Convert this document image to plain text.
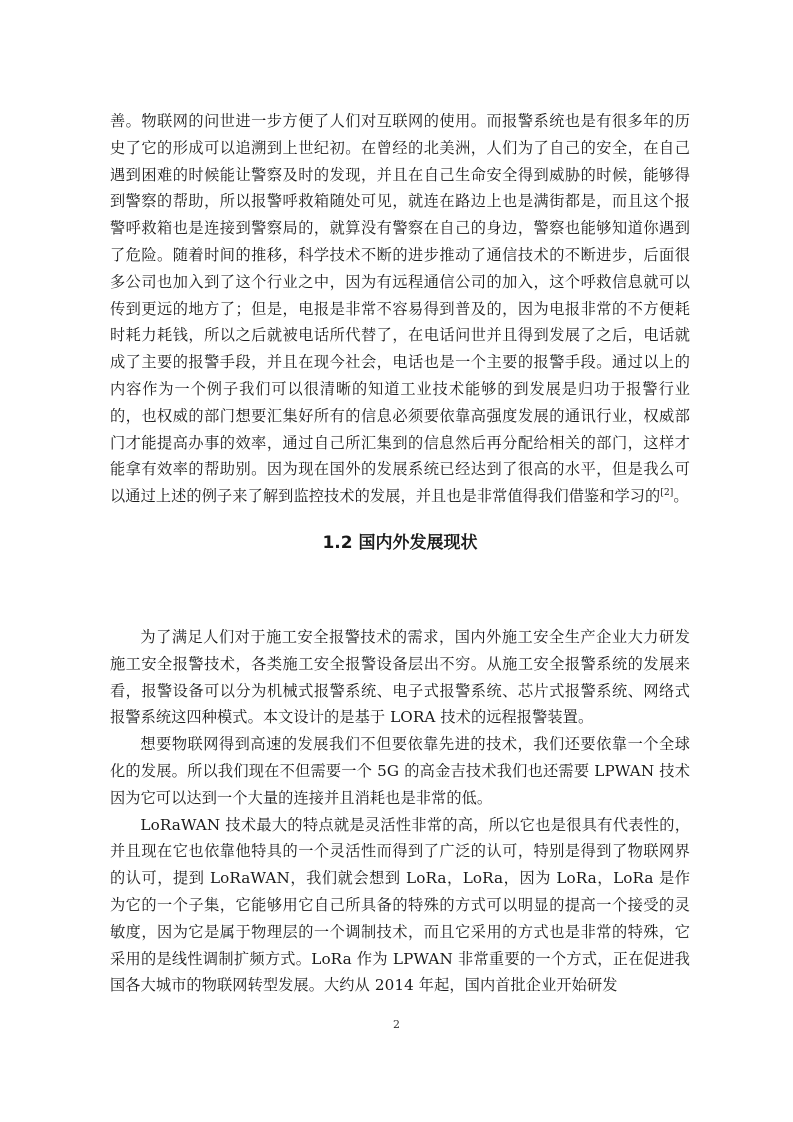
善。物联网的问世进一步方便了人们对互联网的使用。而报警系统也是有很多年的历史了它的形成可以追溯到上世纪初。在曾经的北美洲，人们为了自己的安全，在自己遇到困难的时候能让警察及时的发现，并且在自己生命安全得到威胁的时候，能够得到警察的帮助，所以报警呼救箱随处可见，就连在路边上也是满街都是，而且这个报警呼救箱也是连接到警察局的，就算没有警察在自己的身边，警察也能够知道你遇到了危险。随着时间的推移，科学技术不断的进步推动了通信技术的不断进步，后面很多公司也加入到了这个行业之中，因为有远程通信公司的加入，这个呼救信息就可以传到更远的地方了；但是，电报是非常不容易得到普及的，因为电报非常的不方便耗时耗力耗钱，所以之后就被电话所代替了，在电话问世并且得到发展了之后，电话就成了主要的报警手段，并且在现今社会，电话也是一个主要的报警手段。通过以上的内容作为一个例子我们可以很清晰的知道工业技术能够的到发展是归功于报警行业的，也权威的部门想要汇集好所有的信息必须要依靠高强度发展的通讯行业，权威部门才能提高办事的效率，通过自己所汇集到的信息然后再分配给相关的部门，这样才能拿有效率的帮助别。因为现在国外的发展系统已经达到了很高的水平，但是我么可以通过上述的例子来了解到监控技术的发展，并且也是非常值得我们借鉴和学习的[2]。

1.2 国内外发展现状

为了满足人们对于施工安全报警技术的需求，国内外施工安全生产企业大力研发施工安全报警技术，各类施工安全报警设备层出不穷。从施工安全报警系统的发展来看，报警设备可以分为机械式报警系统、电子式报警系统、芯片式报警系统、网络式报警系统这四种模式。本文设计的是基于 LORA 技术的远程报警装置。

想要物联网得到高速的发展我们不但要依靠先进的技术，我们还要依靠一个全球化的发展。所以我们现在不但需要一个 5G 的高金吉技术我们也还需要 LPWAN 技术因为它可以达到一个大量的连接并且消耗也是非常的低。

LoRaWAN 技术最大的特点就是灵活性非常的高，所以它也是很具有代表性的，并且现在它也依靠他特具的一个灵活性而得到了广泛的认可，特别是得到了物联网界的认可，提到 LoRaWAN，我们就会想到 LoRa，LoRa，因为 LoRa，LoRa 是作为它的一个子集，它能够用它自己所具备的特殊的方式可以明显的提高一个接受的灵敏度，因为它是属于物理层的一个调制技术，而且它采用的方式也是非常的特殊，它采用的是线性调制扩频方式。LoRa 作为 LPWAN 非常重要的一个方式，正在促进我国各大城市的物联网转型发展。大约从 2014 年起，国内首批企业开始研发

2
